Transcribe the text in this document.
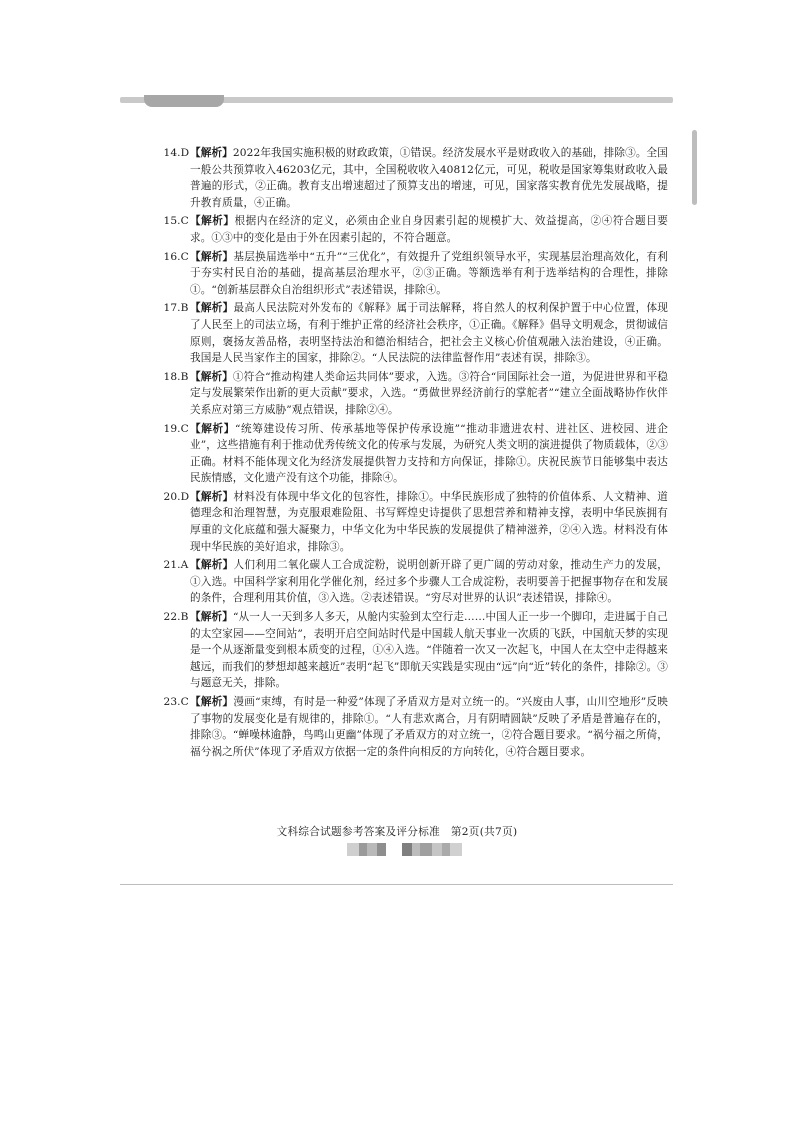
14.D 【解析】2022年我国实施积极的财政政策，①错误。经济发展水平是财政收入的基础，排除③。全国一般公共预算收入46203亿元，其中，全国税收收入40812亿元，可见，税收是国家筹集财政收入最普遍的形式，②正确。教育支出增速超过了预算支出的增速，可见，国家落实教育优先发展战略，提升教育质量，④正确。
15.C 【解析】根据内在经济的定义，必须由企业自身因素引起的规模扩大、效益提高，②④符合题目要求。①③中的变化是由于外在因素引起的，不符合题意。
16.C 【解析】基层换届选举中“五升”“三优化”，有效提升了党组织领导水平，实现基层治理高效化，有利于夯实村民自治的基础，提高基层治理水平，②③正确。等额选举有利于选举结构的合理性，排除①。“创新基层群众自治组织形式”表述错误，排除④。
17.B 【解析】最高人民法院对外发布的《解释》属于司法解释，将自然人的权利保护置于中心位置，体现了人民至上的司法立场，有利于维护正常的经济社会秩序，①正确。《解释》倡导文明观念，贯彻诚信原则，褒扬友善品格，表明坚持法治和德治相结合，把社会主义核心价值观融入法治建设，④正确。我国是人民当家作主的国家，排除②。“人民法院的法律监督作用”表述有误，排除③。
18.B 【解析】①符合“推动构建人类命运共同体”要求，入选。③符合“同国际社会一道，为促进世界和平稳定与发展繁荣作出新的更大贡献”要求，入选。“勇做世界经济前行的掌舵者”“建立全面战略协作伙伴关系应对第三方威胁”观点错误，排除②④。
19.C 【解析】“统筹建设传习所、传承基地等保护传承设施”“推动非遗进农村、进社区、进校园、进企业”，这些措施有利于推动优秀传统文化的传承与发展，为研究人类文明的演进提供了物质载体，②③正确。材料不能体现文化为经济发展提供智力支持和方向保证，排除①。庆祝民族节日能够集中表达民族情感，文化遗产没有这个功能，排除④。
20.D 【解析】材料没有体现中华文化的包容性，排除①。中华民族形成了独特的价值体系、人文精神、道德理念和治理智慧，为克服艰难险阻、书写辉煌史诗提供了思想营养和精神支撑，表明中华民族拥有厚重的文化底蕴和强大凝聚力，中华文化为中华民族的发展提供了精神滋养，②④入选。材料没有体现中华民族的美好追求，排除③。
21.A 【解析】人们利用二氧化碳人工合成淀粉，说明创新开辟了更广阔的劳动对象，推动生产力的发展，①入选。中国科学家利用化学催化剂，经过多个步骤人工合成淀粉，表明要善于把握事物存在和发展的条件，合理利用其价值，③入选。②表述错误。“穷尽对世界的认识”表述错误，排除④。
22.B 【解析】“从一人一天到多人多天，从舱内实验到太空行走……中国人正一步一个脚印，走进属于自己的太空家园——空间站”，表明开启空间站时代是中国载人航天事业一次质的飞跃，中国航天梦的实现是一个从逐渐量变到根本质变的过程，①④入选。“伴随着一次又一次起飞，中国人在太空中走得越来越远，而我们的梦想却越来越近”表明“起飞”即航天实践是实现由“远”向“近”转化的条件，排除②。③与题意无关，排除。
23.C 【解析】漫画“束缚，有时是一种爱”体现了矛盾双方是对立统一的。“兴废由人事，山川空地形”反映了事物的发展变化是有规律的，排除①。“人有悲欢离合，月有阴晴圆缺”反映了矛盾是普遍存在的，排除③。“蝉噪林逾静，鸟鸣山更幽”体现了矛盾双方的对立统一，②符合题目要求。“祸兮福之所倚，福兮祸之所伏”体现了矛盾双方依据一定的条件向相反的方向转化，④符合题目要求。
文科综合试题参考答案及评分标准　第2页(共7页)
